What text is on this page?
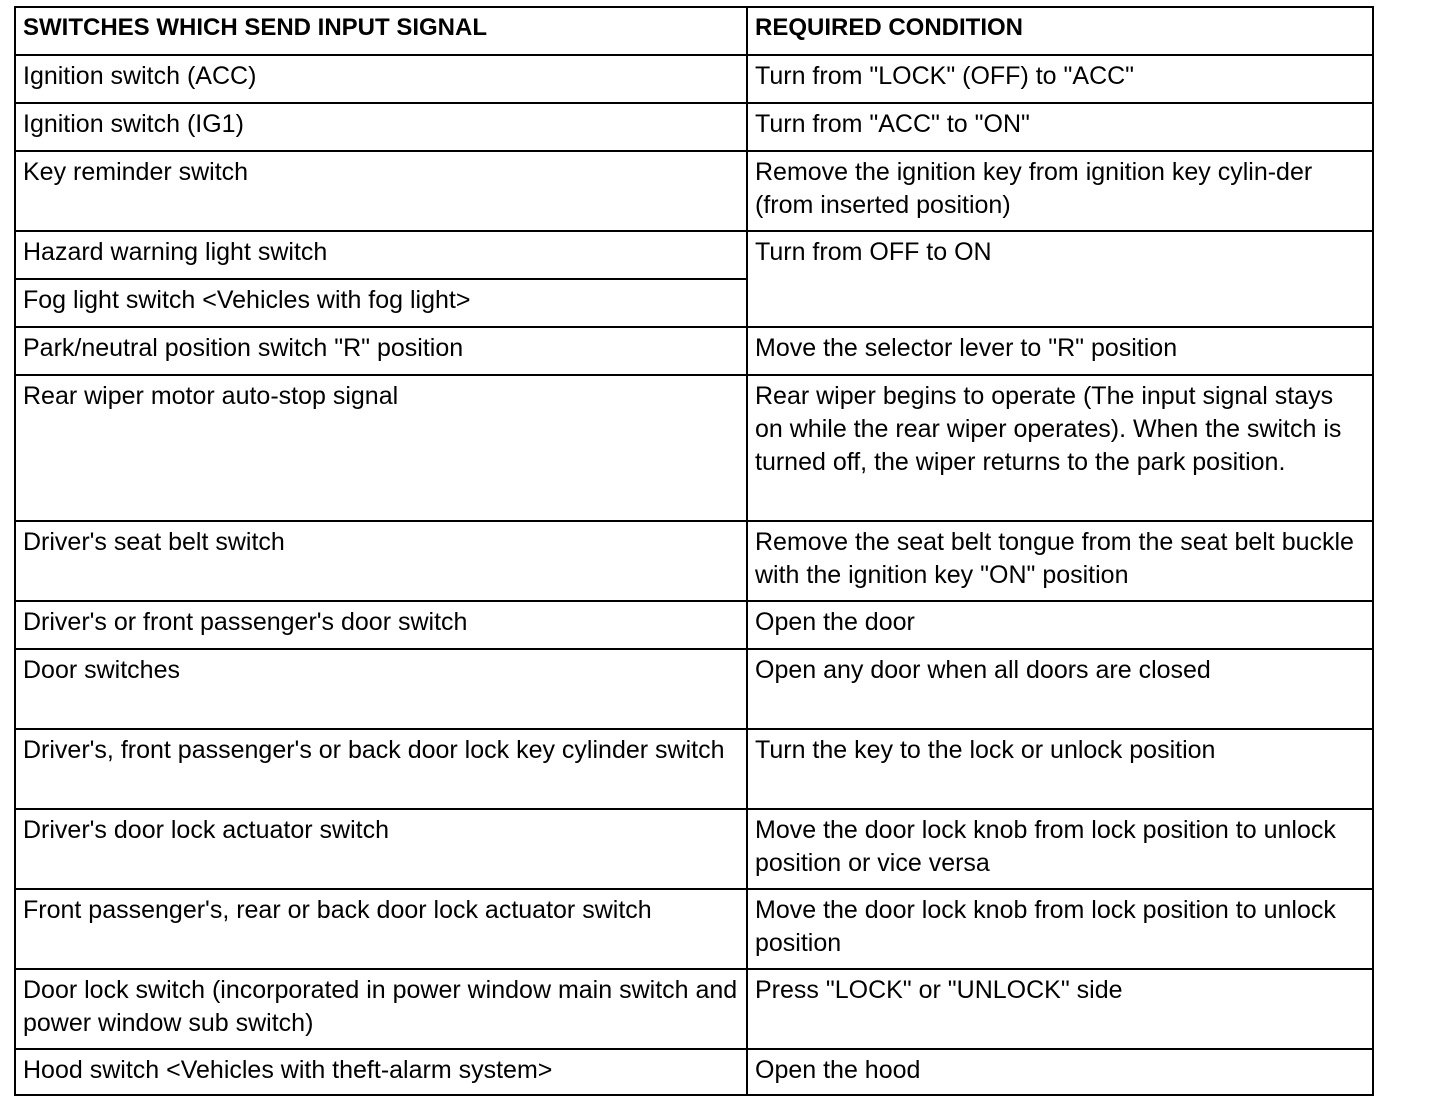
SWITCHES WHICH SEND INPUT SIGNAL	REQUIRED CONDITION
Ignition switch (ACC)	Turn from "LOCK" (OFF) to "ACC"
Ignition switch (IG1)	Turn from "ACC" to "ON"
Key reminder switch	Remove the ignition key from ignition key cylin-der (from inserted position)
Hazard warning light switch	Turn from OFF to ON
Fog light switch <Vehicles with fog light>	
Park/neutral position switch "R" position	Move the selector lever to "R" position
Rear wiper motor auto-stop signal	Rear wiper begins to operate (The input signal stays on while the rear wiper operates). When the switch is turned off, the wiper returns to the park position.
Driver's seat belt switch	Remove the seat belt tongue from the seat belt buckle with the ignition key "ON" position
Driver's or front passenger's door switch	Open the door
Door switches	Open any door when all doors are closed
Driver's, front passenger's or back door lock key cylinder switch	Turn the key to the lock or unlock position
Driver's door lock actuator switch	Move the door lock knob from lock position to unlock position or vice versa
Front passenger's, rear or back door lock actuator switch	Move the door lock knob from lock position to unlock position
Door lock switch (incorporated in power window main switch and power window sub switch)	Press "LOCK" or "UNLOCK" side
Hood switch <Vehicles with theft-alarm system>	Open the hood
